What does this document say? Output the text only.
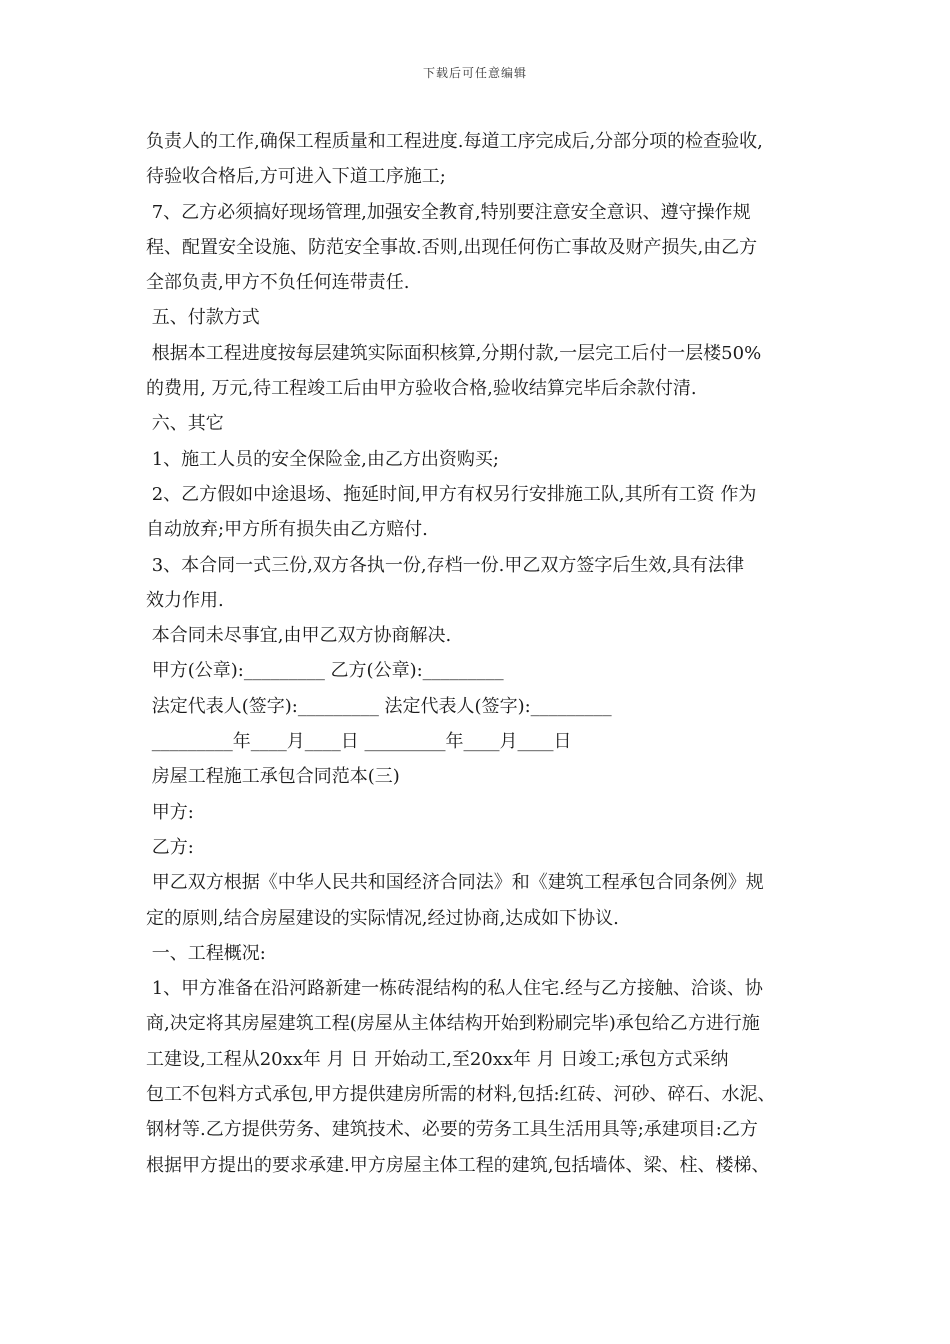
下载后可任意编辑
负责人的工作,确保工程质量和工程进度.每道工序完成后,分部分项的检查验收,
待验收合格后,方可进入下道工序施工;
7、乙方必须搞好现场管理,加强安全教育,特别要注意安全意识、遵守操作规
程、配置安全设施、防范安全事故.否则,出现任何伤亡事故及财产损失,由乙方
全部负责,甲方不负任何连带责任.
五、付款方式
根据本工程进度按每层建筑实际面积核算,分期付款,一层完工后付一层楼50%
的费用, 万元,待工程竣工后由甲方验收合格,验收结算完毕后余款付清.
六、其它
1、施工人员的安全保险金,由乙方出资购买;
2、乙方假如中途退场、拖延时间,甲方有权另行安排施工队,其所有工资 作为
自动放弃;甲方所有损失由乙方赔付.
3、本合同一式三份,双方各执一份,存档一份.甲乙双方签字后生效,具有法律
效力作用.
本合同未尽事宜,由甲乙双方协商解决.
甲方(公章):_________ 乙方(公章):_________
法定代表人(签字):_________ 法定代表人(签字):_________
_________年____月____日 _________年____月____日
房屋工程施工承包合同范本(三)
甲方:
乙方:
甲乙双方根据《中华人民共和国经济合同法》和《建筑工程承包合同条例》规
定的原则,结合房屋建设的实际情况,经过协商,达成如下协议.
一、工程概况:
1、甲方准备在沿河路新建一栋砖混结构的私人住宅.经与乙方接触、洽谈、协
商,决定将其房屋建筑工程(房屋从主体结构开始到粉刷完毕)承包给乙方进行施
工建设,工程从20xx年 月 日 开始动工,至20xx年 月 日竣工;承包方式采纳
包工不包料方式承包,甲方提供建房所需的材料,包括:红砖、河砂、碎石、水泥、
钢材等.乙方提供劳务、建筑技术、必要的劳务工具生活用具等;承建项目:乙方
根据甲方提出的要求承建.甲方房屋主体工程的建筑,包括墙体、梁、柱、楼梯、
